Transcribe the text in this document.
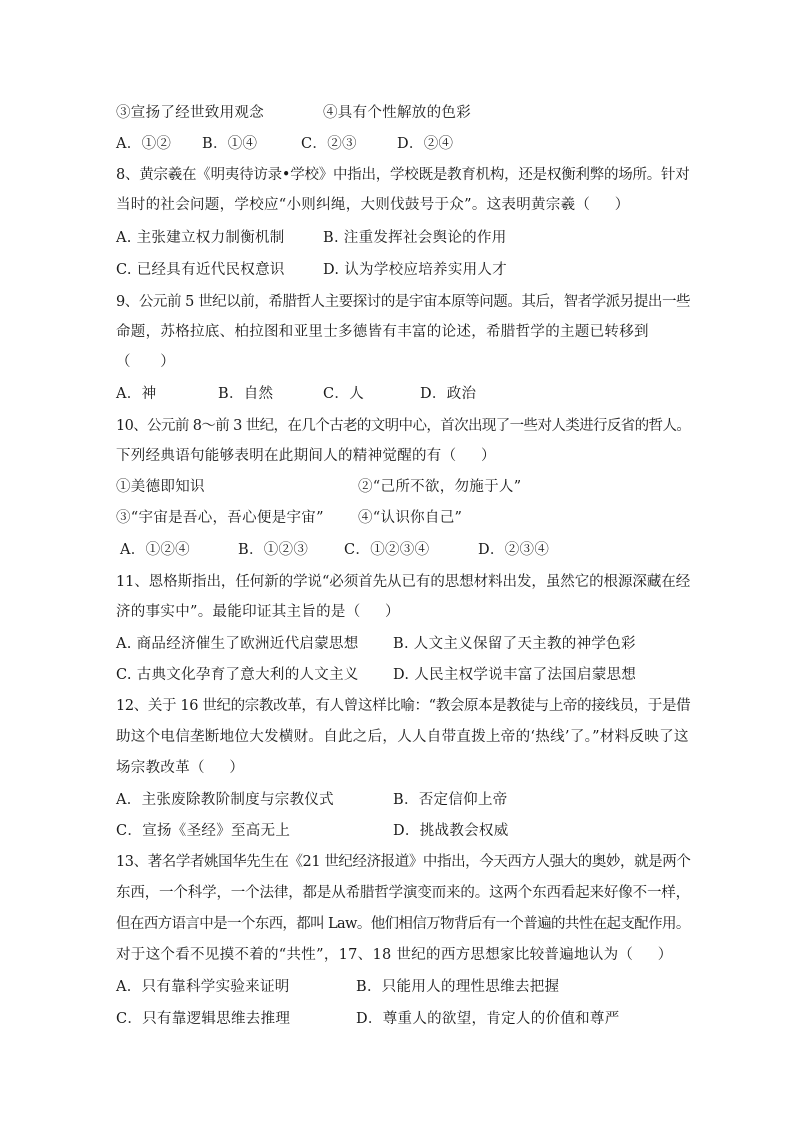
③宣扬了经世致用观念	④具有个性解放的色彩
A．①② B．①④	C．②③	D．②④
8、黄宗羲在《明夷待访录•学校》中指出，学校既是教育机构，还是权衡利弊的场所。针对
当时的社会问题，学校应“小则纠绳，大则伐鼓号于众”。这表明黄宗羲（     ）
A. 主张建立权力制衡机制	B. 注重发挥社会舆论的作用
C. 已经具有近代民权意识	D. 认为学校应培养实用人才
9、公元前 5 世纪以前，希腊哲人主要探讨的是宇宙本原等问题。其后，智者学派另提出一些
命题，苏格拉底、柏拉图和亚里士多德皆有丰富的论述，希腊哲学的主题已转移到
（      ）
A．神	B．自然	C．人	D．政治
10、公元前 8～前 3 世纪，在几个古老的文明中心，首次出现了一些对人类进行反省的哲人。
下列经典语句能够表明在此期间人的精神觉醒的有（     ）
①美德即知识	②“己所不欲，勿施于人”
③“宇宙是吾心，吾心便是宇宙” ④“认识你自己”
A．①②④	B．①②③ C．①②③④	D．②③④
11、恩格斯指出，任何新的学说“必须首先从已有的思想材料出发，虽然它的根源深藏在经
济的事实中”。最能印证其主旨的是（     ）
A. 商品经济催生了欧洲近代启蒙思想 B. 人文主义保留了天主教的神学色彩
C. 古典文化孕育了意大利的人文主义 D. 人民主权学说丰富了法国启蒙思想
12、关于 16 世纪的宗教改革，有人曾这样比喻：“教会原本是教徒与上帝的接线员，于是借
助这个电信垄断地位大发横财。自此之后，人人自带直拨上帝的‘热线’了。”材料反映了这
场宗教改革（     ）
A．主张废除教阶制度与宗教仪式	B．否定信仰上帝
C．宣扬《圣经》至高无上	D．挑战教会权威
13、著名学者姚国华先生在《21 世纪经济报道》中指出，今天西方人强大的奥妙，就是两个
东西，一个科学，一个法律，都是从希腊哲学演变而来的。这两个东西看起来好像不一样，
但在西方语言中是一个东西，都叫 Law。他们相信万物背后有一个普遍的共性在起支配作用。
对于这个看不见摸不着的“共性”，17、18 世纪的西方思想家比较普遍地认为（     ）
A．只有靠科学实验来证明	B．只能用人的理性思维去把握
C．只有靠逻辑思维去推理	D．尊重人的欲望，肯定人的价值和尊严
